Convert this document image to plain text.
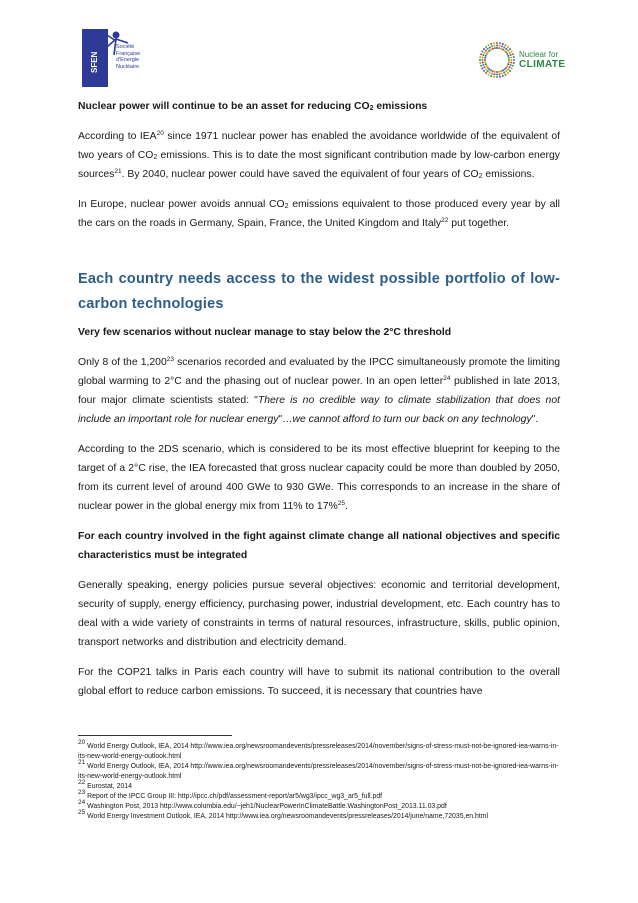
SFEN
Société
Française
d'Energie
Nucléaire
Nuclear for
CLIMATE

Nuclear power will continue to be an asset for reducing $CO_2$ emissions

According to IEA$^{20}$ since 1971 nuclear power has enabled the avoidance worldwide of the equivalent of two years of $CO_2$ emissions. This is to date the most significant contribution made by low-carbon energy sources$^{21}$. By 2040, nuclear power could have saved the equivalent of four years of $CO_2$ emissions.

In Europe, nuclear power avoids annual $CO_2$ emissions equivalent to those produced every year by all the cars on the roads in Germany, Spain, France, the United Kingdom and Italy$^{22}$ put together.

Each country needs access to the widest possible portfolio of low-carbon technologies

Very few scenarios without nuclear manage to stay below the 2°C threshold

Only 8 of the 1,200$^{23}$ scenarios recorded and evaluated by the IPCC simultaneously promote the limiting global warming to 2°C and the phasing out of nuclear power. In an open letter$^{24}$ published in late 2013, four major climate scientists stated: "There is no credible way to climate stabilization that does not include an important role for nuclear energy"…we cannot afford to turn our back on any technology".

According to the 2DS scenario, which is considered to be its most effective blueprint for keeping to the target of a 2°C rise, the IEA forecasted that gross nuclear capacity could be more than doubled by 2050, from its current level of around 400 GWe to 930 GWe. This corresponds to an increase in the share of nuclear power in the global energy mix from 11% to 17%$^{25}$.

For each country involved in the fight against climate change all national objectives and specific characteristics must be integrated

Generally speaking, energy policies pursue several objectives: economic and territorial development, security of supply, energy efficiency, purchasing power, industrial development, etc. Each country has to deal with a wide variety of constraints in terms of natural resources, infrastructure, skills, public opinion, transport networks and distribution and electricity demand.

For the COP21 talks in Paris each country will have to submit its national contribution to the overall global effort to reduce carbon emissions. To succeed, it is necessary that countries have

$^{20}$ World Energy Outlook, IEA, 2014 http://www.iea.org/newsroomandevents/pressreleases/2014/november/signs-of-stress-must-not-be-ignored-iea-warns-in-its-new-world-energy-outlook.html

$^{21}$ World Energy Outlook, IEA, 2014 http://www.iea.org/newsroomandevents/pressreleases/2014/november/signs-of-stress-must-not-be-ignored-iea-warns-in-its-new-world-energy-outlook.html

$^{22}$ Eurostat, 2014

$^{23}$ Report of the IPCC Group III: http://ipcc.ch/pdf/assessment-report/ar5/wg3/ipcc_wg3_ar5_full.pdf

$^{24}$ Washington Post, 2013 http://www.columbia.edu/~jeh1/NuclearPowerInClimateBattle.WashingtonPost_2013.11.03.pdf

$^{25}$ World Energy Investment Outlook, IEA, 2014 http://www.iea.org/newsroomandevents/pressreleases/2014/june/name,72035,en.html
